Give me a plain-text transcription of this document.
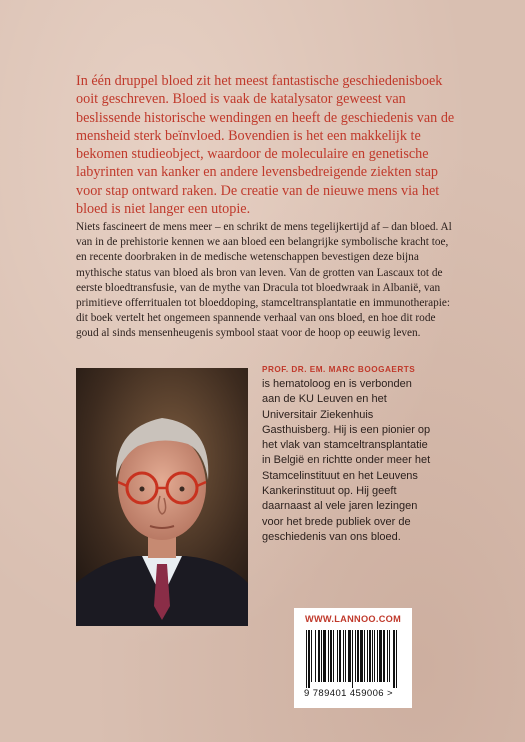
In één druppel bloed zit het meest fantastische geschiedenisboek ooit geschreven. Bloed is vaak de katalysator geweest van beslissende historische wendingen en heeft de geschiedenis van de mensheid sterk beïnvloed. Bovendien is het een makkelijk te bekomen studieobject, waardoor de moleculaire en genetische labyrinten van kanker en andere levensbedreigende ziekten stap voor stap ontward raken. De creatie van de nieuwe mens via het bloed is niet langer een utopie.

Niets fascineert de mens meer – en schrikt de mens tegelijkertijd af – dan bloed. Al van in de prehistorie kennen we aan bloed een belangrijke symbolische kracht toe, en recente doorbraken in de medische wetenschappen bevestigen deze bijna mythische status van bloed als bron van leven. Van de grotten van Lascaux tot de eerste bloedtransfusie, van de mythe van Dracula tot bloedwraak in Albanië, van primitieve offerritualen tot bloeddoping, stamceltransplantatie en immunotherapie: dit boek vertelt het ongemeen spannende verhaal van ons bloed, en hoe dit rode goud al sinds mensenheugenis symbool staat voor de hoop op eeuwig leven.

PROF. DR. EM. MARC BOOGAERTS
is hematoloog en is verbonden aan de KU Leuven en het Universitair Ziekenhuis Gasthuisberg. Hij is een pionier op het vlak van stamceltransplantatie in België en richtte onder meer het Stamcelinstituut en het Leuvens Kankerinstituut op. Hij geeft daarnaast al vele jaren lezingen voor het brede publiek over de geschiedenis van ons bloed.
WWW.LANNOO.COM
9 789401 459006 >
